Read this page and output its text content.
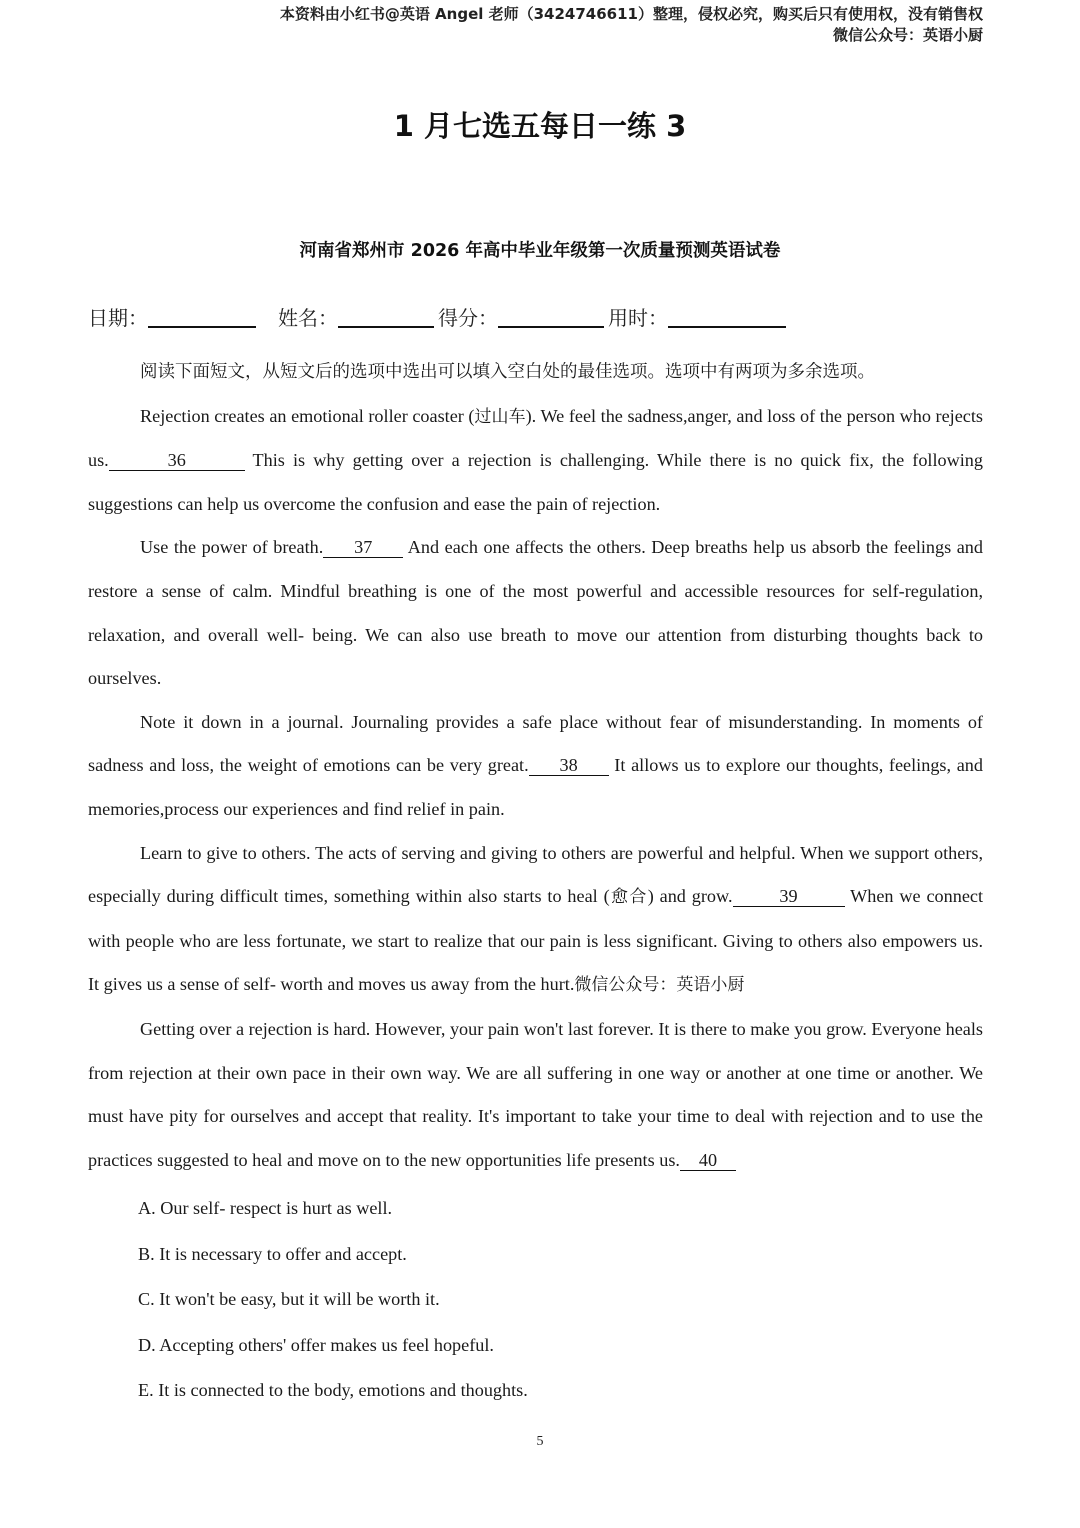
本资料由小红书@英语 Angel 老师（3424746611）整理，侵权必究，购买后只有使用权，没有销售权
微信公众号：英语小厨
1 月七选五每日一练 3
河南省郑州市 2026 年高中毕业年级第一次质量预测英语试卷
日期：	姓名：	得分：	用时：

阅读下面短文，从短文后的选项中选出可以填入空白处的最佳选项。选项中有两项为多余选项。

Rejection creates an emotional roller coaster (过山车). We feel the sadness,anger, and loss of the person who rejects us.	36	This is why getting over a rejection is challenging. While there is no quick fix, the following suggestions can help us overcome the confusion and ease the pain of rejection.

Use the power of breath. 37 And each one affects the others. Deep breaths help us absorb the feelings and restore a sense of calm. Mindful breathing is one of the most powerful and accessible resources for self-regulation, relaxation, and overall well- being. We can also use breath to move our attention from disturbing thoughts back to ourselves.

Note it down in a journal. Journaling provides a safe place without fear of misunderstanding. In moments of sadness and loss, the weight of emotions can be very great. 38 It allows us to explore our thoughts, feelings, and memories,process our experiences and find relief in pain.

Learn to give to others. The acts of serving and giving to others are powerful and helpful. When we support others, especially during difficult times, something within also starts to heal (愈合) and grow.	39	When we connect with people who are less fortunate, we start to realize that our pain is less significant. Giving to others also empowers us. It gives us a sense of self- worth and moves us away from the hurt.微信公众号：英语小厨

Getting over a rejection is hard. However, your pain won't last forever. It is there to make you grow. Everyone heals from rejection at their own pace in their own way. We are all suffering in one way or another at one time or another. We must have pity for ourselves and accept that reality. It's important to take your time to deal with rejection and to use the practices suggested to heal and move on to the new opportunities life presents us. 40

A. Our self- respect is hurt as well.
B. It is necessary to offer and accept.
C. It won't be easy, but it will be worth it.
D. Accepting others' offer makes us feel hopeful.
E. It is connected to the body, emotions and thoughts.
5
